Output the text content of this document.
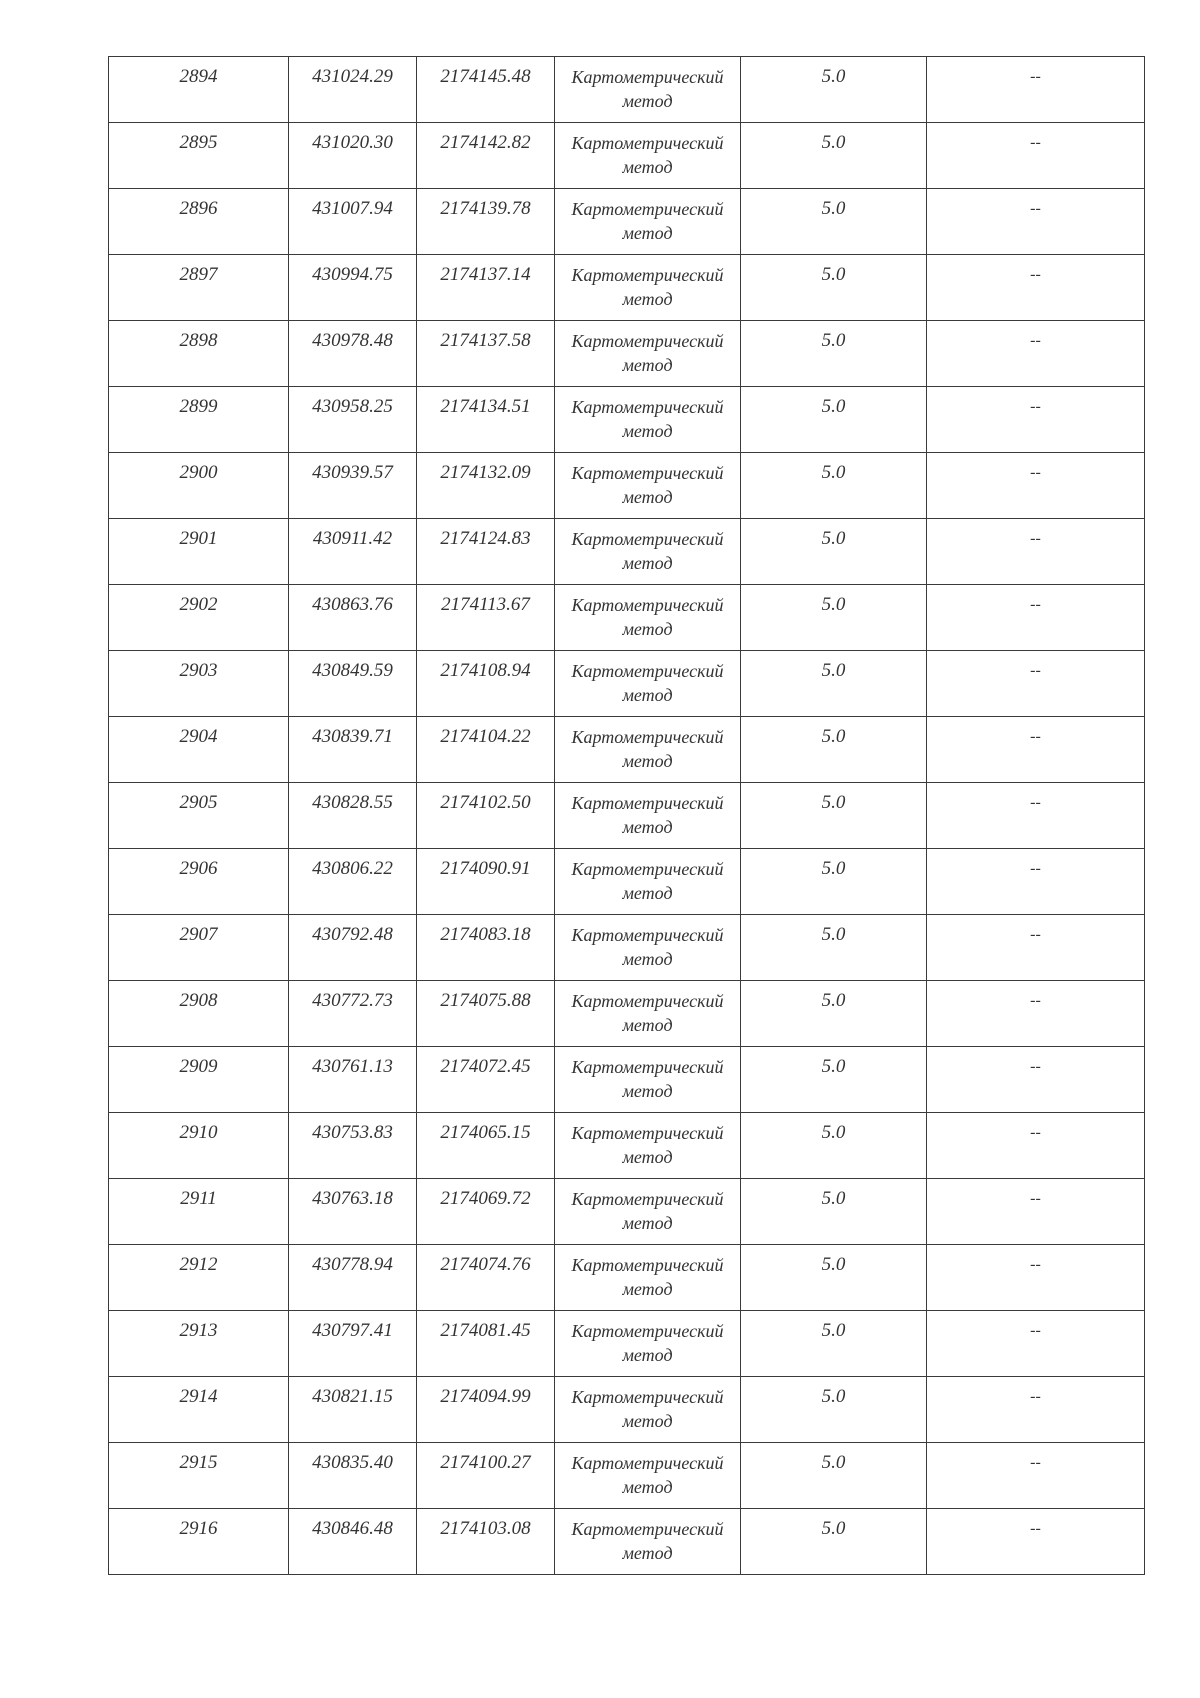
2894	431024.29	2174145.48	Картометрический
метод	5.0	--
2895	431020.30	2174142.82	Картометрический
метод	5.0	--
2896	431007.94	2174139.78	Картометрический
метод	5.0	--
2897	430994.75	2174137.14	Картометрический
метод	5.0	--
2898	430978.48	2174137.58	Картометрический
метод	5.0	--
2899	430958.25	2174134.51	Картометрический
метод	5.0	--
2900	430939.57	2174132.09	Картометрический
метод	5.0	--
2901	430911.42	2174124.83	Картометрический
метод	5.0	--
2902	430863.76	2174113.67	Картометрический
метод	5.0	--
2903	430849.59	2174108.94	Картометрический
метод	5.0	--
2904	430839.71	2174104.22	Картометрический
метод	5.0	--
2905	430828.55	2174102.50	Картометрический
метод	5.0	--
2906	430806.22	2174090.91	Картометрический
метод	5.0	--
2907	430792.48	2174083.18	Картометрический
метод	5.0	--
2908	430772.73	2174075.88	Картометрический
метод	5.0	--
2909	430761.13	2174072.45	Картометрический
метод	5.0	--
2910	430753.83	2174065.15	Картометрический
метод	5.0	--
2911	430763.18	2174069.72	Картометрический
метод	5.0	--
2912	430778.94	2174074.76	Картометрический
метод	5.0	--
2913	430797.41	2174081.45	Картометрический
метод	5.0	--
2914	430821.15	2174094.99	Картометрический
метод	5.0	--
2915	430835.40	2174100.27	Картометрический
метод	5.0	--
2916	430846.48	2174103.08	Картометрический
метод	5.0	--
